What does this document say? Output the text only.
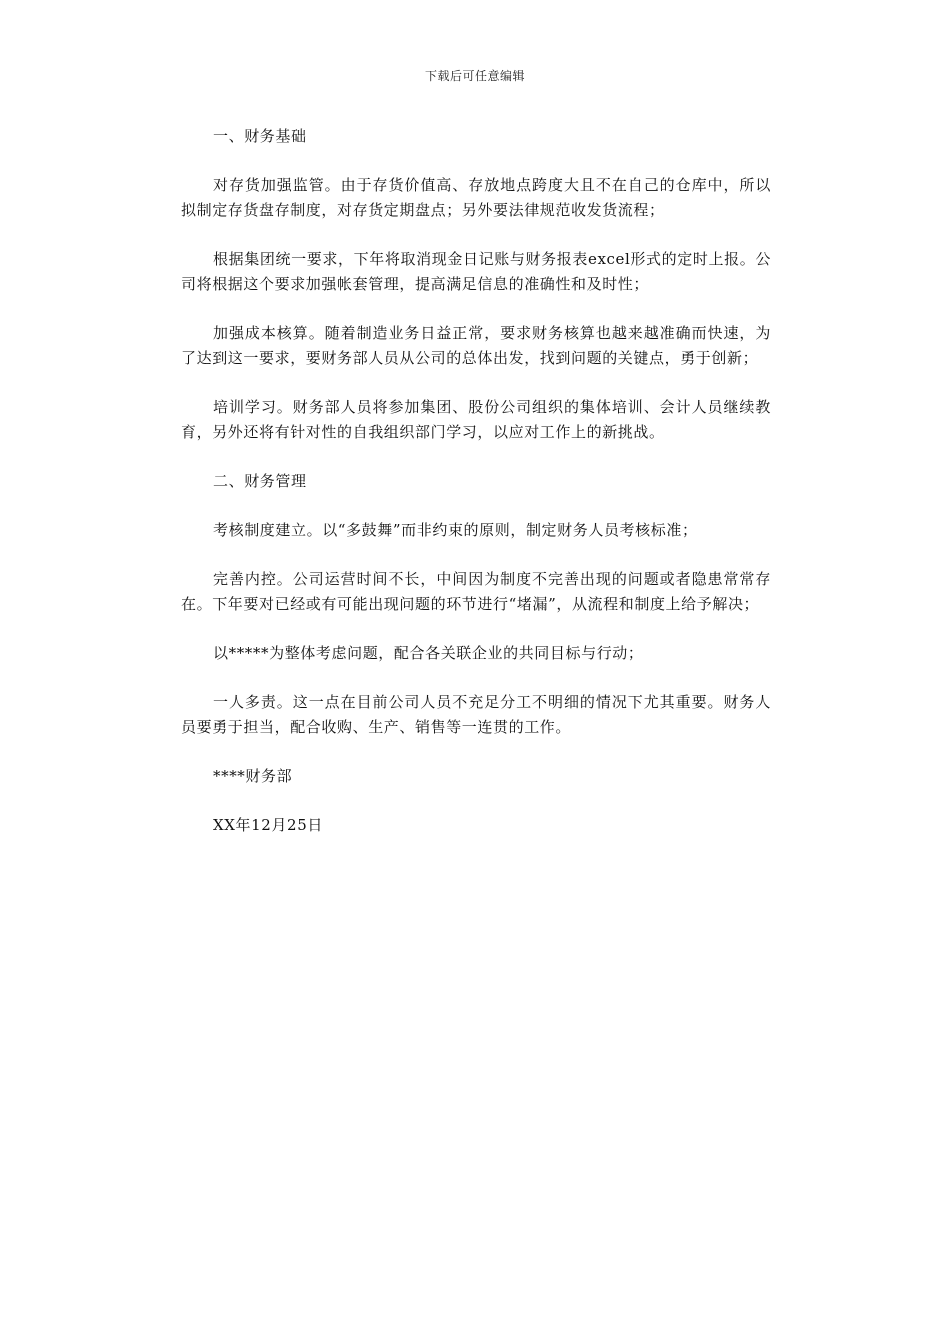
下载后可任意编辑

一、财务基础

对存货加强监管。由于存货价值高、存放地点跨度大且不在自己的仓库中，所以拟制定存货盘存制度，对存货定期盘点；另外要法律规范收发货流程；

根据集团统一要求，下年将取消现金日记账与财务报表excel形式的定时上报。公司将根据这个要求加强帐套管理，提高满足信息的准确性和及时性；

加强成本核算。随着制造业务日益正常，要求财务核算也越来越准确而快速，为了达到这一要求，要财务部人员从公司的总体出发，找到问题的关键点，勇于创新；

培训学习。财务部人员将参加集团、股份公司组织的集体培训、会计人员继续教育，另外还将有针对性的自我组织部门学习，以应对工作上的新挑战。

二、财务管理

考核制度建立。以“多鼓舞”而非约束的原则，制定财务人员考核标准；

完善内控。公司运营时间不长，中间因为制度不完善出现的问题或者隐患常常存在。下年要对已经或有可能出现问题的环节进行“堵漏”，从流程和制度上给予解决；

以*****为整体考虑问题，配合各关联企业的共同目标与行动；

一人多责。这一点在目前公司人员不充足分工不明细的情况下尤其重要。财务人员要勇于担当，配合收购、生产、销售等一连贯的工作。

****财务部

XX年12月25日
